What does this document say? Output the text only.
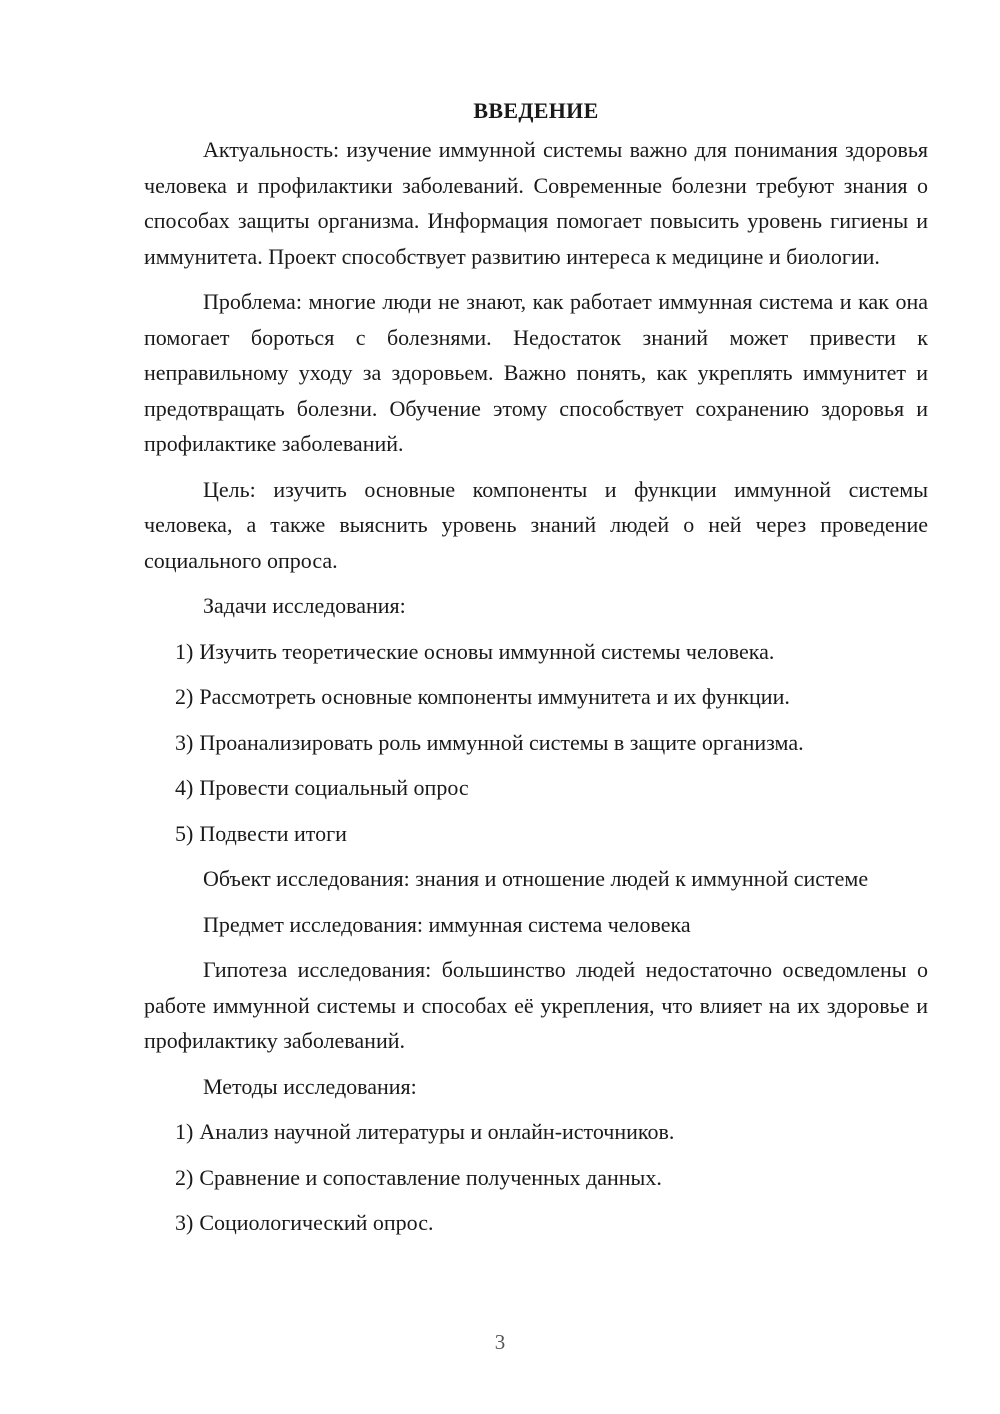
ВВЕДЕНИЕ

Актуальность: изучение иммунной системы важно для понимания здоровья человека и профилактики заболеваний. Современные болезни требуют знания о способах защиты организма. Информация помогает повысить уровень гигиены и иммунитета. Проект способствует развитию интереса к медицине и биологии.

Проблема: многие люди не знают, как работает иммунная система и как она помогает бороться с болезнями. Недостаток знаний может привести к неправильному уходу за здоровьем. Важно понять, как укреплять иммунитет и предотвращать болезни. Обучение этому способствует сохранению здоровья и профилактике заболеваний.

Цель: изучить основные компоненты и функции иммунной системы человека, а также выяснить уровень знаний людей о ней через проведение социального опроса.

Задачи исследования:

1) Изучить теоретические основы иммунной системы человека.
2) Рассмотреть основные компоненты иммунитета и их функции.
3) Проанализировать роль иммунной системы в защите организма.
4) Провести социальный опрос
5) Подвести итоги

Объект исследования: знания и отношение людей к иммунной системе

Предмет исследования: иммунная система человека

Гипотеза исследования: большинство людей недостаточно осведомлены о работе иммунной системы и способах её укрепления, что влияет на их здоровье и профилактику заболеваний.

Методы исследования:

1) Анализ научной литературы и онлайн-источников.
2) Сравнение и сопоставление полученных данных.
3) Социологический опрос.
3
